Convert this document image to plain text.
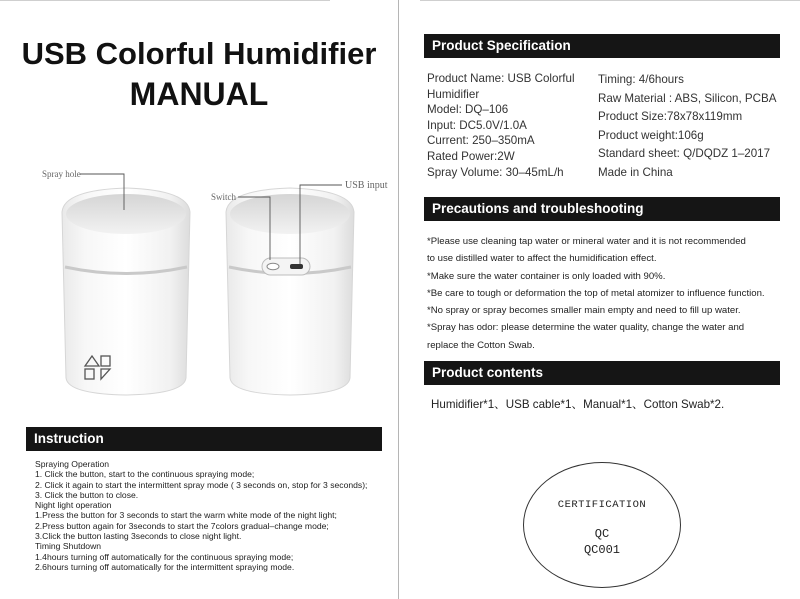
USB Colorful Humidifier
MANUAL
Spray hole
Switch
USB input
Instruction
Spraying Operation
1. Click the button, start to the continuous spraying mode;
2. Click it again to start the intermittent spray mode ( 3 seconds on, stop for 3 seconds);
3. Click the button to close.
Night light operation
1.Press the button for 3 seconds to start the warm white mode of the night light;
2.Press button again for 3seconds to start the 7colors gradual–change mode;
3.Click the button lasting 3seconds to close night light.
Timing Shutdown
1.4hours turning off automatically for the continuous spraying mode;
2.6hours turning off automatically for the intermittent spraying mode.
Product Specification
Product Name: USB Colorful
Humidifier
Model: DQ–106
Input: DC5.0V/1.0A
Current: 250–350mA
Rated Power:2W
Spray Volume: 30–45mL/h
Timing: 4/6hours
Raw Material : ABS, Silicon, PCBA
Product Size:78x78x119mm
Product weight:106g
Standard sheet: Q/DQDZ 1–2017
Made in China
Precautions and troubleshooting
*Please use cleaning tap water or mineral water and it is not recommended
to use distilled water to affect the humidification effect.
*Make sure the water container is only loaded with 90%.
*Be care to tough or deformation the top of metal atomizer to influence function.
*No spray or spray becomes smaller main empty and need to fill up water.
*Spray has odor: please determine the water quality, change the water and
replace the Cotton Swab.
Product contents
Humidifier*1、USB cable*1、Manual*1、Cotton Swab*2.
CERTIFICATION
QC
QC001
